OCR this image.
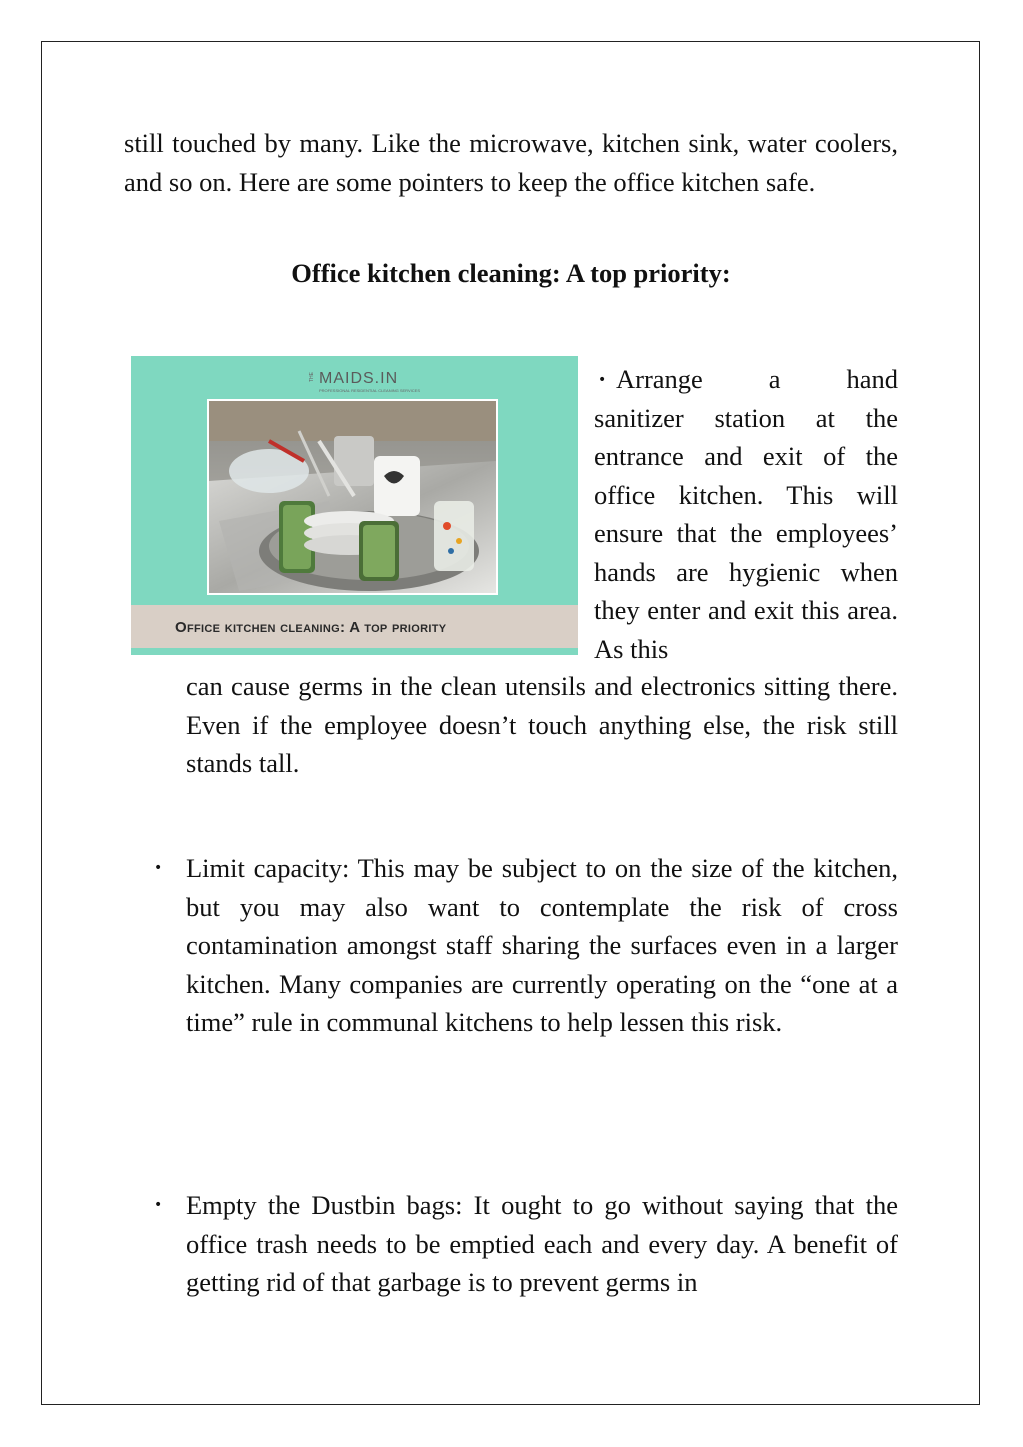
still touched by many. Like the microwave, kitchen sink, water coolers, and so on. Here are some pointers to keep the office kitchen safe.

Office kitchen cleaning: A top priority:
THE MAIDS.IN
PROFESSIONAL RESIDENTIAL CLEANING SERVICES
Office kitchen cleaning: A top priority
• Arrange a hand
sanitizer station at the entrance and exit of the office kitchen. This will ensure that the employees’ hands are hygienic when they enter and exit this area. As this
can cause germs in the clean utensils and electronics sitting there. Even if the employee doesn’t touch anything else, the risk still stands tall.
• Limit capacity: This may be subject to on the size of the kitchen, but you may also want to contemplate the risk of cross contamination amongst staff sharing the surfaces even in a larger kitchen. Many companies are currently operating on the “one at a time” rule in communal kitchens to help lessen this risk.
• Empty the Dustbin bags: It ought to go without saying that the office trash needs to be emptied each and every day. A benefit of getting rid of that garbage is to prevent germs in
